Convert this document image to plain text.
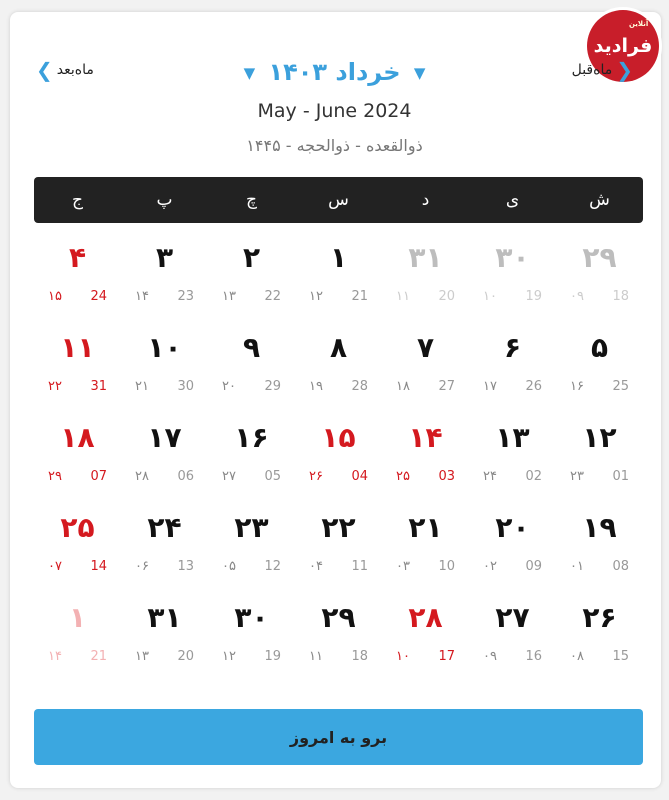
فرادید
آنلاین
❮ ماه‌بعد	ماه‌قبل ❯
▼ خرداد ۱۴۰۳ ▼
May - June 2024
ذوالقعده - ذوالحجه - ۱۴۴۵
ش
ی
د
س
چ
پ
ج
۲۹
۰۹ 18
۳۰
۱۰ 19
۳۱
۱۱ 20
۱
۱۲ 21
۲
۱۳ 22
۳
۱۴ 23
۴
۱۵ 24
۵
۱۶ 25
۶
۱۷ 26
۷
۱۸ 27
۸
۱۹ 28
۹
۲۰ 29
۱۰
۲۱ 30
۱۱
۲۲ 31
۱۲
۲۳ 01
۱۳
۲۴ 02
۱۴
۲۵ 03
۱۵
۲۶ 04
۱۶
۲۷ 05
۱۷
۲۸ 06
۱۸
۲۹ 07
۱۹
۰۱ 08
۲۰
۰۲ 09
۲۱
۰۳ 10
۲۲
۰۴ 11
۲۳
۰۵ 12
۲۴
۰۶ 13
۲۵
۰۷ 14
۲۶
۰۸ 15
۲۷
۰۹ 16
۲۸
۱۰ 17
۲۹
۱۱ 18
۳۰
۱۲ 19
۳۱
۱۳ 20
۱
۱۴ 21
برو به امروز
